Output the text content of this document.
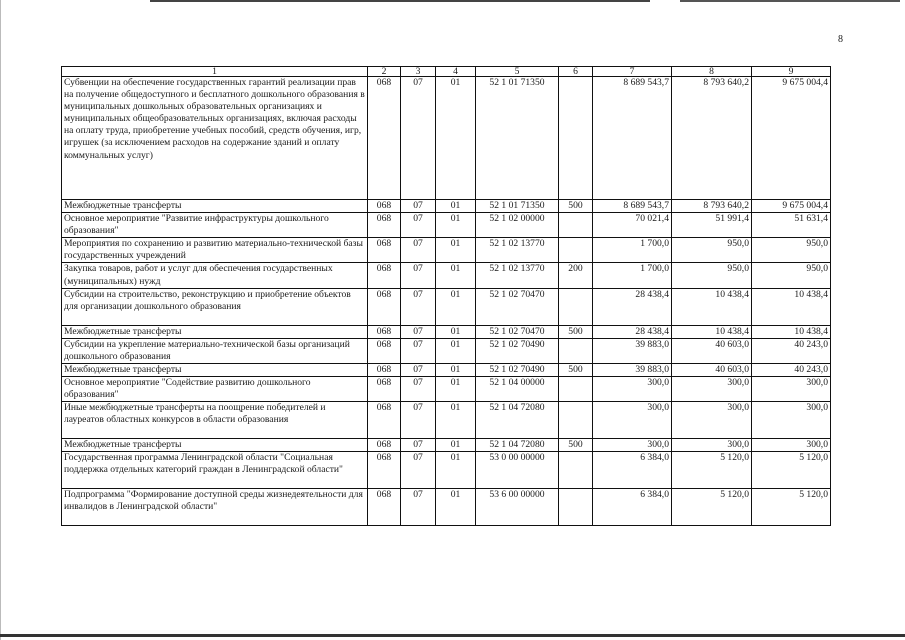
8
1	2	3	4	5	6	7	8	9
Субвенции на обеспечение государственных гарантий реализации прав на получение общедоступного и бесплатного дошкольного образования в муниципальных дошкольных образовательных организациях и муниципальных общеобразовательных организациях, включая расходы на оплату труда, приобретение учебных пособий, средств обучения, игр, игрушек (за исключением расходов на содержание зданий и оплату коммунальных услуг)	068	07	01	52 1 01 71350		8 689 543,7	8 793 640,2	9 675 004,4
Межбюджетные трансферты	068	07	01	52 1 01 71350	500	8 689 543,7	8 793 640,2	9 675 004,4
Основное мероприятие "Развитие инфраструктуры дошкольного образования"	068	07	01	52 1 02 00000		70 021,4	51 991,4	51 631,4
Мероприятия по сохранению и развитию материально-технической базы государственных учреждений	068	07	01	52 1 02 13770		1 700,0	950,0	950,0
Закупка товаров, работ и услуг для обеспечения государственных (муниципальных) нужд	068	07	01	52 1 02 13770	200	1 700,0	950,0	950,0
Субсидии на строительство, реконструкцию и приобретение объектов для организации дошкольного образования	068	07	01	52 1 02 70470		28 438,4	10 438,4	10 438,4
Межбюджетные трансферты	068	07	01	52 1 02 70470	500	28 438,4	10 438,4	10 438,4
Субсидии на укрепление материально-технической базы организаций дошкольного образования	068	07	01	52 1 02 70490		39 883,0	40 603,0	40 243,0
Межбюджетные трансферты	068	07	01	52 1 02 70490	500	39 883,0	40 603,0	40 243,0
Основное мероприятие "Содействие развитию дошкольного образования"	068	07	01	52 1 04 00000		300,0	300,0	300,0
Иные межбюджетные трансферты на поощрение победителей и лауреатов областных конкурсов в области образования	068	07	01	52 1 04 72080		300,0	300,0	300,0
Межбюджетные трансферты	068	07	01	52 1 04 72080	500	300,0	300,0	300,0
Государственная программа Ленинградской области "Социальная поддержка отдельных категорий граждан в Ленинградской области"	068	07	01	53 0 00 00000		6 384,0	5 120,0	5 120,0
Подпрограмма "Формирование доступной среды жизнедеятельности для инвалидов в Ленинградской области"	068	07	01	53 6 00 00000		6 384,0	5 120,0	5 120,0
